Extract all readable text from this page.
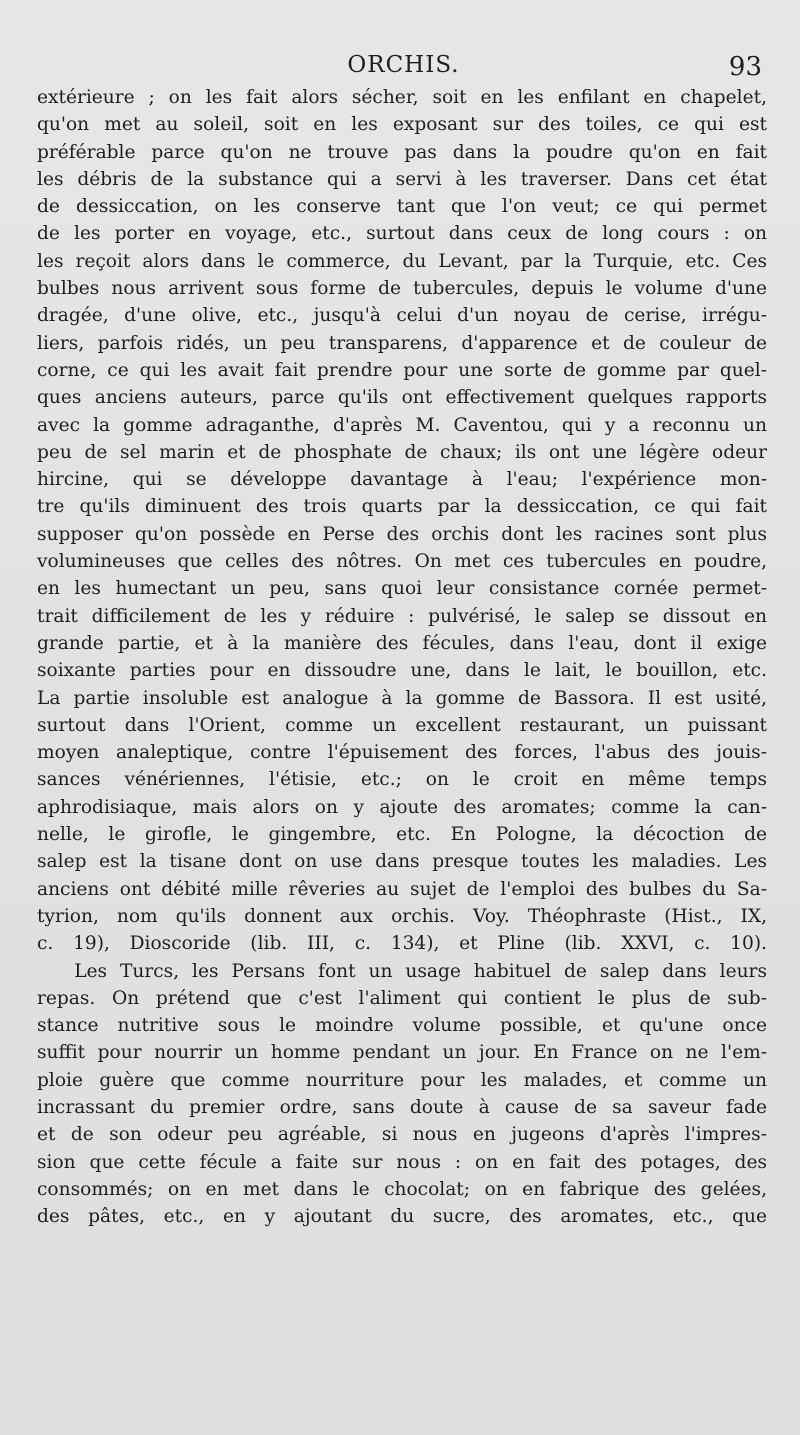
ORCHIS.	93
extérieure ; on les fait alors sécher, soit en les enfilant en chapelet,
qu'on met au soleil, soit en les exposant sur des toiles, ce qui est
préférable parce qu'on ne trouve pas dans la poudre qu'on en fait
les débris de la substance qui a servi à les traverser. Dans cet état
de dessiccation, on les conserve tant que l'on veut; ce qui permet
de les porter en voyage, etc., surtout dans ceux de long cours : on
les reçoit alors dans le commerce, du Levant, par la Turquie, etc. Ces
bulbes nous arrivent sous forme de tubercules, depuis le volume d'une
dragée, d'une olive, etc., jusqu'à celui d'un noyau de cerise, irrégu-
liers, parfois ridés, un peu transparens, d'apparence et de couleur de
corne, ce qui les avait fait prendre pour une sorte de gomme par quel-
ques anciens auteurs, parce qu'ils ont effectivement quelques rapports
avec la gomme adraganthe, d'après M. Caventou, qui y a reconnu un
peu de sel marin et de phosphate de chaux; ils ont une légère odeur
hircine, qui se développe davantage à l'eau; l'expérience mon-
tre qu'ils diminuent des trois quarts par la dessiccation, ce qui fait
supposer qu'on possède en Perse des orchis dont les racines sont plus
volumineuses que celles des nôtres. On met ces tubercules en poudre,
en les humectant un peu, sans quoi leur consistance cornée permet-
trait difficilement de les y réduire : pulvérisé, le salep se dissout en
grande partie, et à la manière des fécules, dans l'eau, dont il exige
soixante parties pour en dissoudre une, dans le lait, le bouillon, etc.
La partie insoluble est analogue à la gomme de Bassora. Il est usité,
surtout dans l'Orient, comme un excellent restaurant, un puissant
moyen analeptique, contre l'épuisement des forces, l'abus des jouis-
sances vénériennes, l'étisie, etc.; on le croit en même temps
aphrodisiaque, mais alors on y ajoute des aromates; comme la can-
nelle, le girofle, le gingembre, etc. En Pologne, la décoction de
salep est la tisane dont on use dans presque toutes les maladies. Les
anciens ont débité mille rêveries au sujet de l'emploi des bulbes du Sa-
tyrion, nom qu'ils donnent aux orchis. Voy. Théophraste (Hist., IX,
c. 19), Dioscoride (lib. III, c. 134), et Pline (lib. XXVI, c. 10).
Les Turcs, les Persans font un usage habituel de salep dans leurs
repas. On prétend que c'est l'aliment qui contient le plus de sub-
stance nutritive sous le moindre volume possible, et qu'une once
suffit pour nourrir un homme pendant un jour. En France on ne l'em-
ploie guère que comme nourriture pour les malades, et comme un
incrassant du premier ordre, sans doute à cause de sa saveur fade
et de son odeur peu agréable, si nous en jugeons d'après l'impres-
sion que cette fécule a faite sur nous : on en fait des potages, des
consommés; on en met dans le chocolat; on en fabrique des gelées,
des pâtes, etc., en y ajoutant du sucre, des aromates, etc., que
